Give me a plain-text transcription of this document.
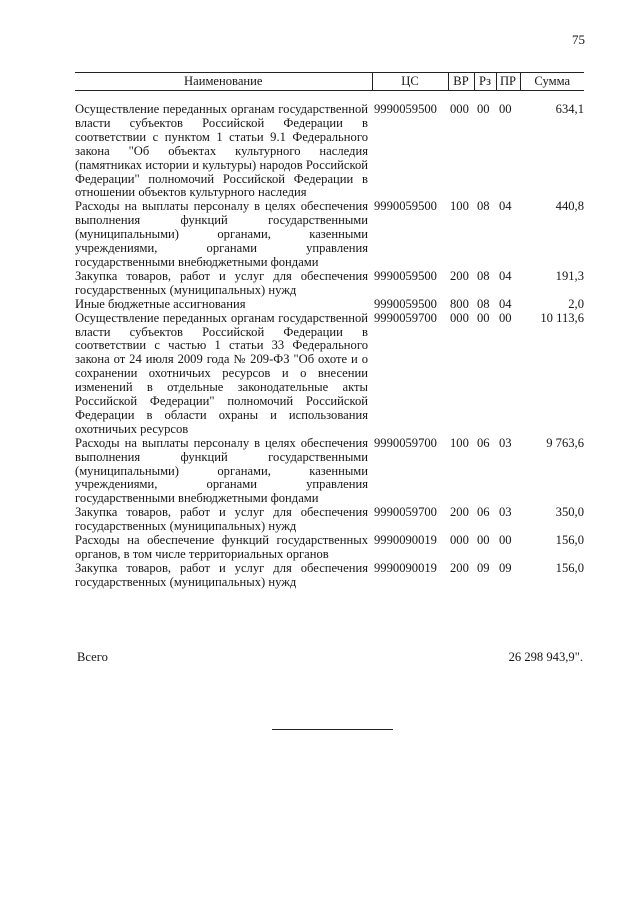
75
Наименование	ЦС	ВР	Рз	ПР	Сумма
Осуществление переданных органам государственной власти субъектов Российской Федерации в соответствии с пунктом 1 статьи 9.1 Федерального закона "Об объектах культурного наследия (памятниках истории и культуры) народов Российской Федерации" полномочий Российской Федерации в отношении объектов культурного наследия	9990059500	000	00	00	634,1
Расходы на выплаты персоналу в целях обеспечения выполнения функций государственными (муниципальными) органами, казенными учреждениями, органами управления государственными внебюджетными фондами	9990059500	100	08	04	440,8
Закупка товаров, работ и услуг для обеспечения государственных (муниципальных) нужд	9990059500	200	08	04	191,3
Иные бюджетные ассигнования	9990059500	800	08	04	2,0
Осуществление переданных органам государственной власти субъектов Российской Федерации в соответствии с частью 1 статьи 33 Федерального закона от 24 июля 2009 года № 209-ФЗ "Об охоте и о сохранении охотничьих ресурсов и о внесении изменений в отдельные законодательные акты Российской Федерации" полномочий Российской Федерации в области охраны и использования охотничьих ресурсов	9990059700	000	00	00	10 113,6
Расходы на выплаты персоналу в целях обеспечения выполнения функций государственными (муниципальными) органами, казенными учреждениями, органами управления государственными внебюджетными фондами	9990059700	100	06	03	9 763,6
Закупка товаров, работ и услуг для обеспечения государственных (муниципальных) нужд	9990059700	200	06	03	350,0
Расходы на обеспечение функций государственных органов, в том числе территориальных органов	9990090019	000	00	00	156,0
Закупка товаров, работ и услуг для обеспечения государственных (муниципальных) нужд	9990090019	200	09	09	156,0
Всего	26 298 943,9".
